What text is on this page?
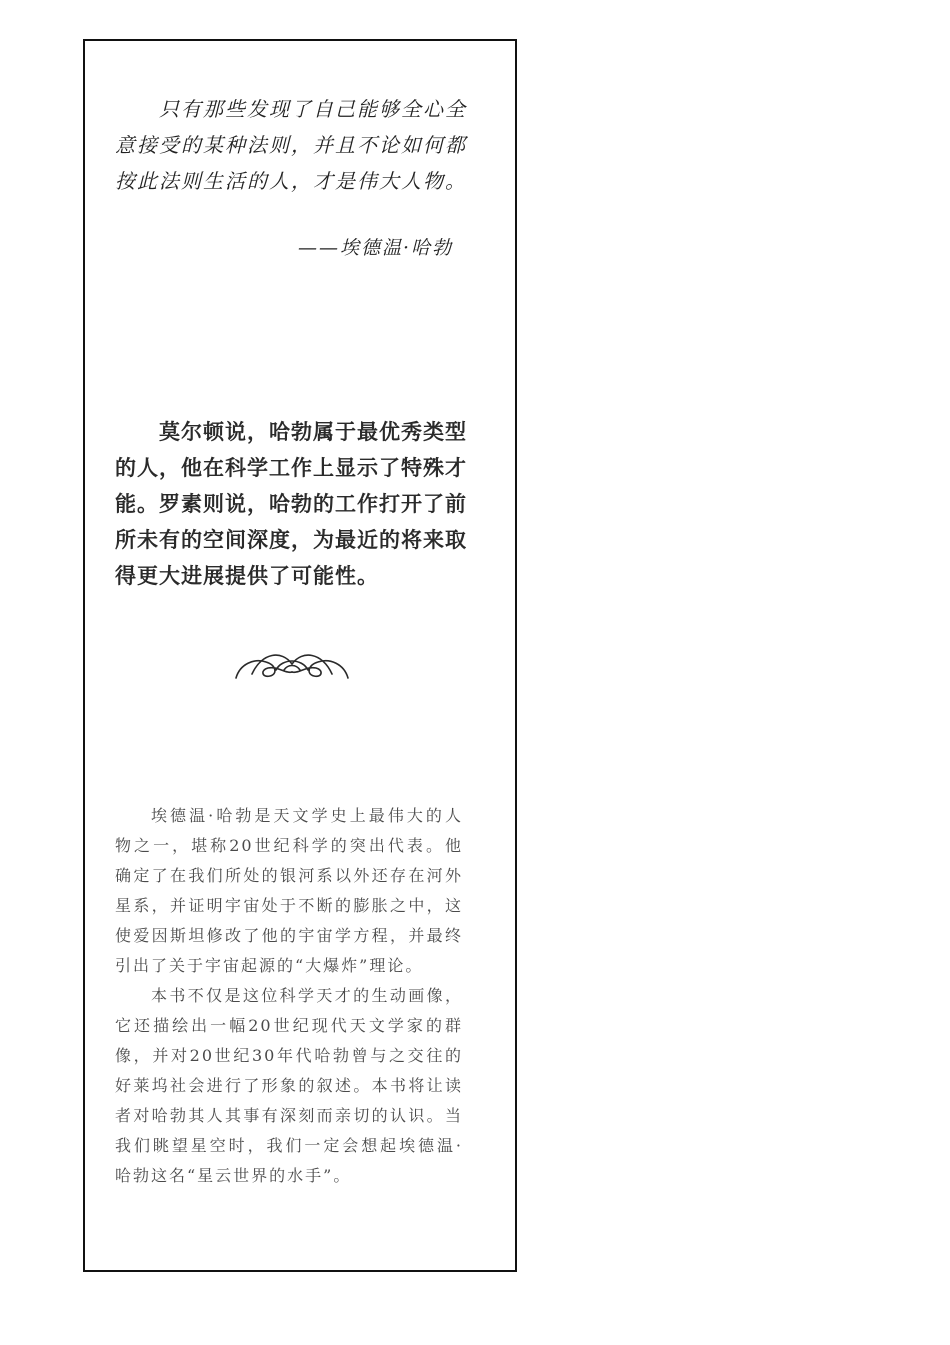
只有那些发现了自己能够全心全意接受的某种法则，并且不论如何都按此法则生活的人，才是伟大人物。

——埃德温·哈勃

莫尔顿说，哈勃属于最优秀类型的人，他在科学工作上显示了特殊才能。罗素则说，哈勃的工作打开了前所未有的空间深度，为最近的将来取得更大进展提供了可能性。

埃德温·哈勃是天文学史上最伟大的人物之一，堪称20世纪科学的突出代表。他确定了在我们所处的银河系以外还存在河外星系，并证明宇宙处于不断的膨胀之中，这使爱因斯坦修改了他的宇宙学方程，并最终引出了关于宇宙起源的“大爆炸”理论。

本书不仅是这位科学天才的生动画像，它还描绘出一幅20世纪现代天文学家的群像，并对20世纪30年代哈勃曾与之交往的好莱坞社会进行了形象的叙述。本书将让读者对哈勃其人其事有深刻而亲切的认识。当我们眺望星空时，我们一定会想起埃德温·哈勃这名“星云世界的水手”。
